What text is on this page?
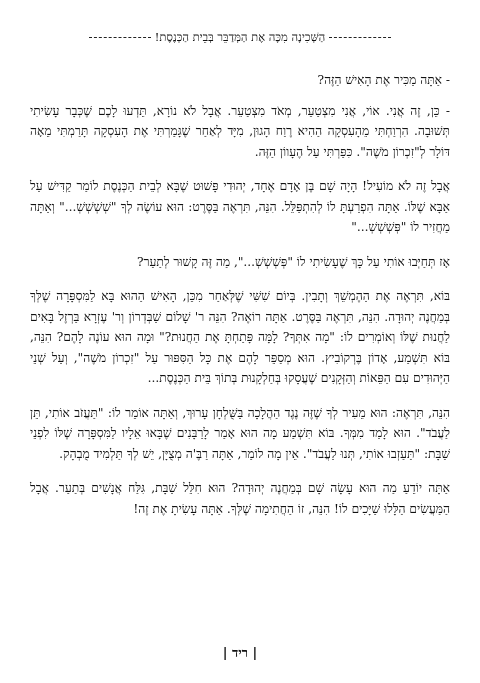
הַשְּׁכִינָה מִכָּה אֶת הַמְּדַבֵּר בְּבֵית הַכְּנֶסֶת!

- אַתָּה מַכִּיר אֶת הָאִישׁ הַזֶּה?

- כֵּן, זֶה אֲנִי. אוֹי, אֲנִי מִצְטַעֵר, מְאֹד מִצְטַעֵר. אֲבָל לֹא נוֹרָא, תֵּדְעוּ לָכֶם שֶׁכְּבָר עָשִׂיתִי תְּשׁוּבָה. הִרְוַחְתִּי מֵהָעִסְקָה הַהִיא רֶוַח הָגוּן, מִיָּד לְאַחַר שֶׁגָּמַרְתִּי אֶת הָעִסְקָה תָּרַמְתִּי מֵאָה דּוֹלָר לְ"זִכְרוֹן מֹשֶׁה". כִּפַּרְתִּי עַל הֶעָווֹן הַזֶּה.

אֲבָל זֶה לֹא מוֹעִיל! הָיָה שָׁם בֶּן אָדָם אֶחָד, יְהוּדִי פָּשׁוּט שֶׁבָּא לְבֵית הַכְּנֶסֶת לוֹמַר קַדִּישׁ עַל אַבָּא שֶׁלּוֹ. אַתָּה הִפְרַעְתָּ לוֹ לְהִתְפַּלֵּל. הִנֵּה, תִּרְאֶה בַּסֶּרֶט: הוּא עוֹשֶׂה לְךָ "שְׁשְׁשְׁשְׁ..." וְאַתָּה מַחֲזִיר לוֹ "פְּשְׁשְׁשְׁ..."

אָז תְּחַיְּבוּ אוֹתִי עַל כָּךְ שֶׁעָשִׂיתִי לוֹ "פְּשְׁשְׁשְׁ...", מַה זֶּה קָשׁוּר לְתַעַר?

בּוֹא, תִּרְאֶה אֶת הַהֶמְשֵׁךְ וְתָבִין. בְּיוֹם שִׁשִּׁי שֶׁלְּאַחַר מִכֵּן, הָאִישׁ הַהוּא בָּא לַמִּסְפָּרָה שֶׁלְּךָ בְּמַחֲנֶה יְהוּדָה. הִנֵּה, תִּרְאֶה בַּסֶּרֶט. אַתָּה רוֹאֶה? הִנֵּה ר' שָׁלוֹם שַׁבְּדְרוֹן וְר' עֶזְרָא בַּרְזֶל בָּאִים לַחֲנוּת שֶׁלּוֹ וְאוֹמְרִים לוֹ: "מָה אִתְּךָ? לָמָּה פָּתַחְתָּ אֶת הַחֲנוּת?" וּמָה הוּא עוֹנֶה לָהֶם? הִנֵּה, בּוֹא תִּשְׁמַע, אָדוֹן בֶּרְקוֹבִיץ. הוּא מְסַפֵּר לָהֶם אֶת כָּל הַסִּפּוּר עַל "זִכְרוֹן מֹשֶׁה", וְעַל שְׁנֵי הַיְּהוּדִים עִם הַפֵּאוֹת וְהַזְּקָנִים שֶׁעֲסָקוּ בְּחַלְקָנוּת בְּתוֹךְ בֵּית הַכְּנֶסֶת...

הִנֵּה, תִּרְאֶה: הוּא מֵעִיר לְךָ שֶׁזֶּה נֶגֶד הַהֲלָכָה בַּשֻּׁלְחָן עָרוּךְ, וְאַתָּה אוֹמֵר לוֹ: "תַּעֲזֹב אוֹתִי, תֵּן לַעֲבֹד". הוּא לָמַד מִמְּךָ. בּוֹא תִּשְׁמַע מָה הוּא אָמַר לָרַבָּנִים שֶׁבָּאוּ אֵלָיו לַמִּסְפָּרָה שֶׁלּוֹ לִפְנֵי שַׁבָּת: "תַּעַזְבוּ אוֹתִי, תְּנוּ לַעֲבֹד". אֵין מָה לוֹמַר, אַתָּה רַבֶּ'ה מְצֻיָּן, יֵשׁ לְךָ תַּלְמִיד מֻבְהָק.

אַתָּה יוֹדֵעַ מַה הוּא עָשָׂה שָׁם בְּמַחֲנֶה יְהוּדָה? הוּא חִלֵּל שַׁבָּת, גִּלַּח אֲנָשִׁים בְּתַעַר. אֲבָל הַמַּעֲשִׂים הַלָּלוּ שַׁיָּכִים לוֹ! הִנֵּה, זוֹ הַחֲתִימָה שֶׁלְּךָ. אַתָּה עָשִׂיתָ אֶת זֶה!

| ריד |
